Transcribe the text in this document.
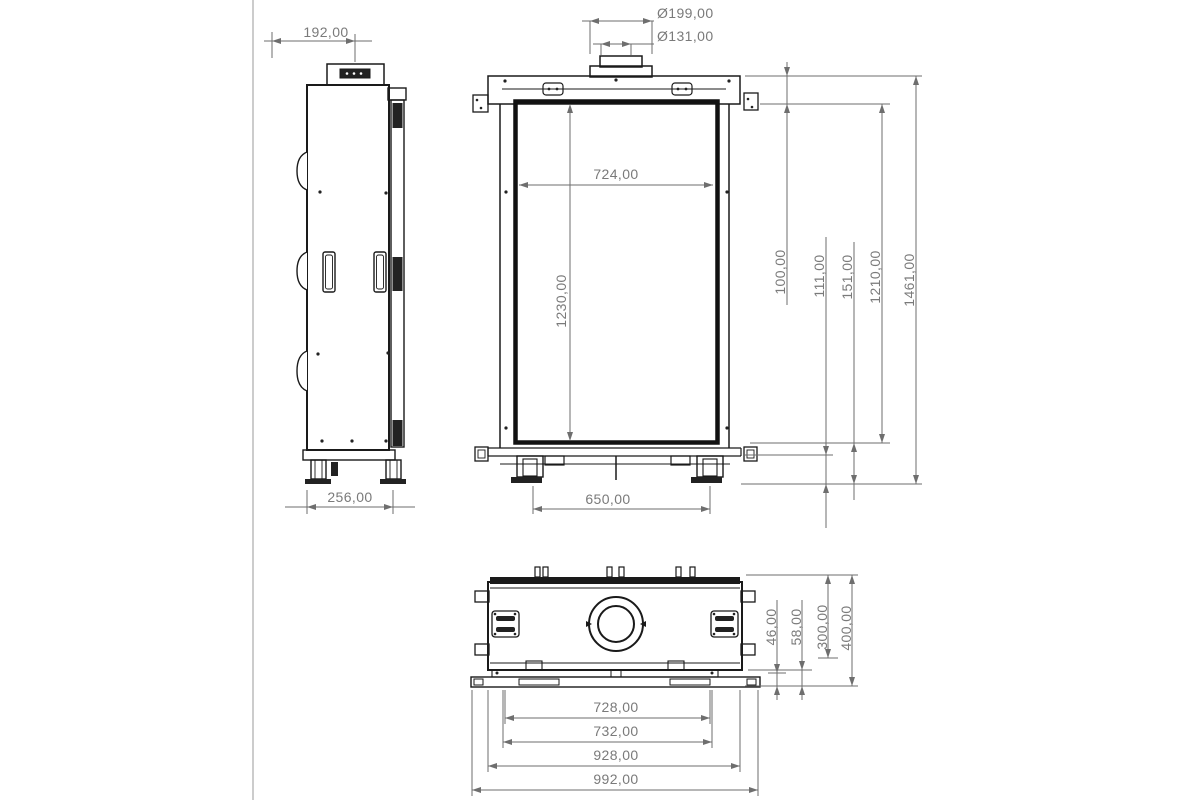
192,00
256,00
Ø199,00
Ø131,00
724,00
1230,00
100,00 111,00 151,00 1210,00 1461,00
650,00
46,00 58,00 300,00 400,00
728,00
732,00
928,00
992,00
